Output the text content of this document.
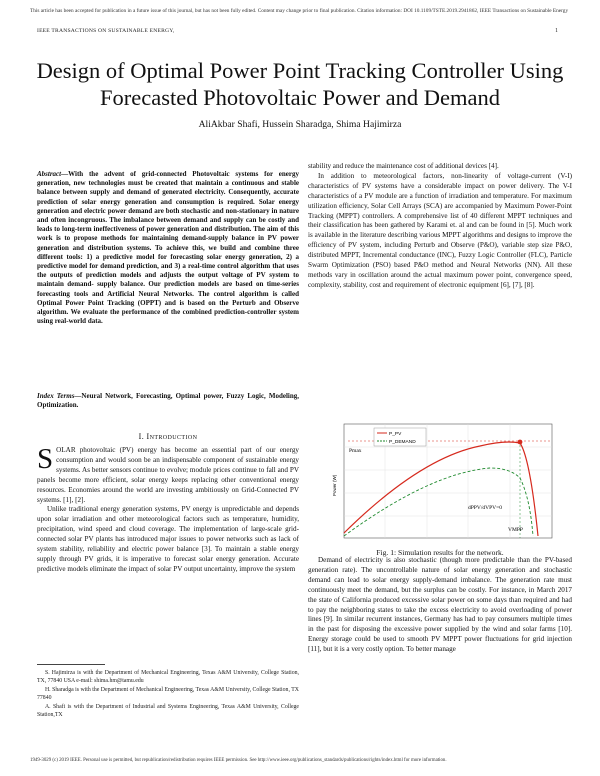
This article has been accepted for publication in a future issue of this journal, but has not been fully edited. Content may change prior to final publication. Citation information: DOI 10.1109/TSTE.2019.2941862, IEEE Transactions on Sustainable Energy
IEEE TRANSACTIONS ON SUSTAINABLE ENERGY,	1
Design of Optimal Power Point Tracking Controller Using Forecasted Photovoltaic Power and Demand
AliAkbar Shafi, Hussein Sharadga, Shima Hajimirza
Abstract—With the advent of grid-connected Photovoltaic systems for energy generation, new technologies must be created that maintain a continuous and stable balance between supply and demand of generated electricity. Consequently, accurate prediction of solar energy generation and consumption is required. Solar energy generation and electric power demand are both stochastic and non-stationary in nature and often incongruous. The imbalance between demand and supply can be costly and leads to long-term ineffectiveness of power generation and distribution. The aim of this work is to propose methods for maintaining demand-supply balance in PV power generation and distribution systems. To achieve this, we build and combine three different tools: 1) a predictive model for forecasting solar energy generation, 2) a predictive model for demand prediction, and 3) a real-time control algorithm that uses the outputs of prediction models and adjusts the output voltage of PV system to maintain demand- supply balance. Our prediction models are based on time-series forecasting tools and Artificial Neural Networks. The control algorithm is called Optimal Power Point Tracking (OPPT) and is based on the Perturb and Observe algorithm. We evaluate the performance of the combined prediction-controller system using real-world data.
Index Terms—Neural Network, Forecasting, Optimal power, Fuzzy Logic, Modeling, Optimization.
I. Introduction

SOLAR photovoltaic (PV) energy has become an essential part of our energy consumption and would soon be an indispensable component of sustainable energy systems. As better sensors continue to evolve; module prices continue to fall and PV panels become more efficient, solar energy keeps replacing other conventional energy resources. Economies around the world are investing ambitiously on Grid-Connected PV systems. [1], [2].

Unlike traditional energy generation systems, PV energy is unpredictable and depends upon solar irradiation and other meteorological factors such as temperature, humidity, precipitation, wind speed and cloud coverage. The implementation of large-scale grid-connected solar PV plants has introduced major issues to power networks such as lack of system stability, reliability and electric power balance [3]. To maintain a stable energy supply through PV grids, it is imperative to forecast solar energy generation. Accurate predictive models eliminate the impact of solar PV output uncertainty, improve the system

S. Hajimirza is with the Department of Mechanical Engineering, Texas A&M University, College Station, TX, 77840 USA e-mail: shima.hm@tamu.edu

H. Sharadga is with the Department of Mechanical Engineering, Texas A&M University, College Station, TX 77840

A. Shafi is with the Department of Industrial and Systems Engineering, Texas A&M University, College Station,TX

stability and reduce the maintenance cost of additional devices [4].

In addition to meteorological factors, non-linearity of voltage-current (V-I) characteristics of PV systems have a considerable impact on power delivery. The V-I characteristics of a PV module are a function of irradiation and temperature. For maximum utilization efficiency, Solar Cell Arrays (SCA) are accompanied by Maximum Power-Point Tracking (MPPT) controllers. A comprehensive list of 40 different MPPT techniques and their classification has been gathered by Karami et. al and can be found in [5]. Much work is available in the literature describing various MPPT algorithms and designs to improve the efficiency of PV system, including Perturb and Observe (P&O), variable step size P&O, distributed MPPT, Incremental conductance (INC), Fuzzy Logic Controller (FLC), Particle Swarm Optimization (PSO) based P&O method and Neural Networks (NN). All these methods vary in oscillation around the actual maximum power point, convergence speed, complexity, stability, cost and requirement of electronic equipment [6], [7], [8].

P_PV
P_DEMAND
Pmax
dPPV/dVPV=0
VMPP
Power (W)
Fig. 1: Simulation results for the network.

Demand of electricity is also stochastic (though more predictable than the PV-based generation rate). The uncontrollable nature of solar energy generation and stochastic demand can lead to solar energy supply-demand imbalance. The generation rate must continuously meet the demand, but the surplus can be costly. For instance, in March 2017 the state of California produced excessive solar power on some days than required and had to pay the neighboring states to take the excess electricity to avoid overloading of power lines [9]. In similar recurrent instances, Germany has had to pay consumers multiple times in the past for disposing the excessive power supplied by the wind and solar farms [10]. Energy storage could be used to smooth PV MPPT power fluctuations for grid injection [11], but it is a very costly option. To better manage

1949-3029 (c) 2019 IEEE. Personal use is permitted, but republication/redistribution requires IEEE permission. See http://www.ieee.org/publications_standards/publications/rights/index.html for more information.
